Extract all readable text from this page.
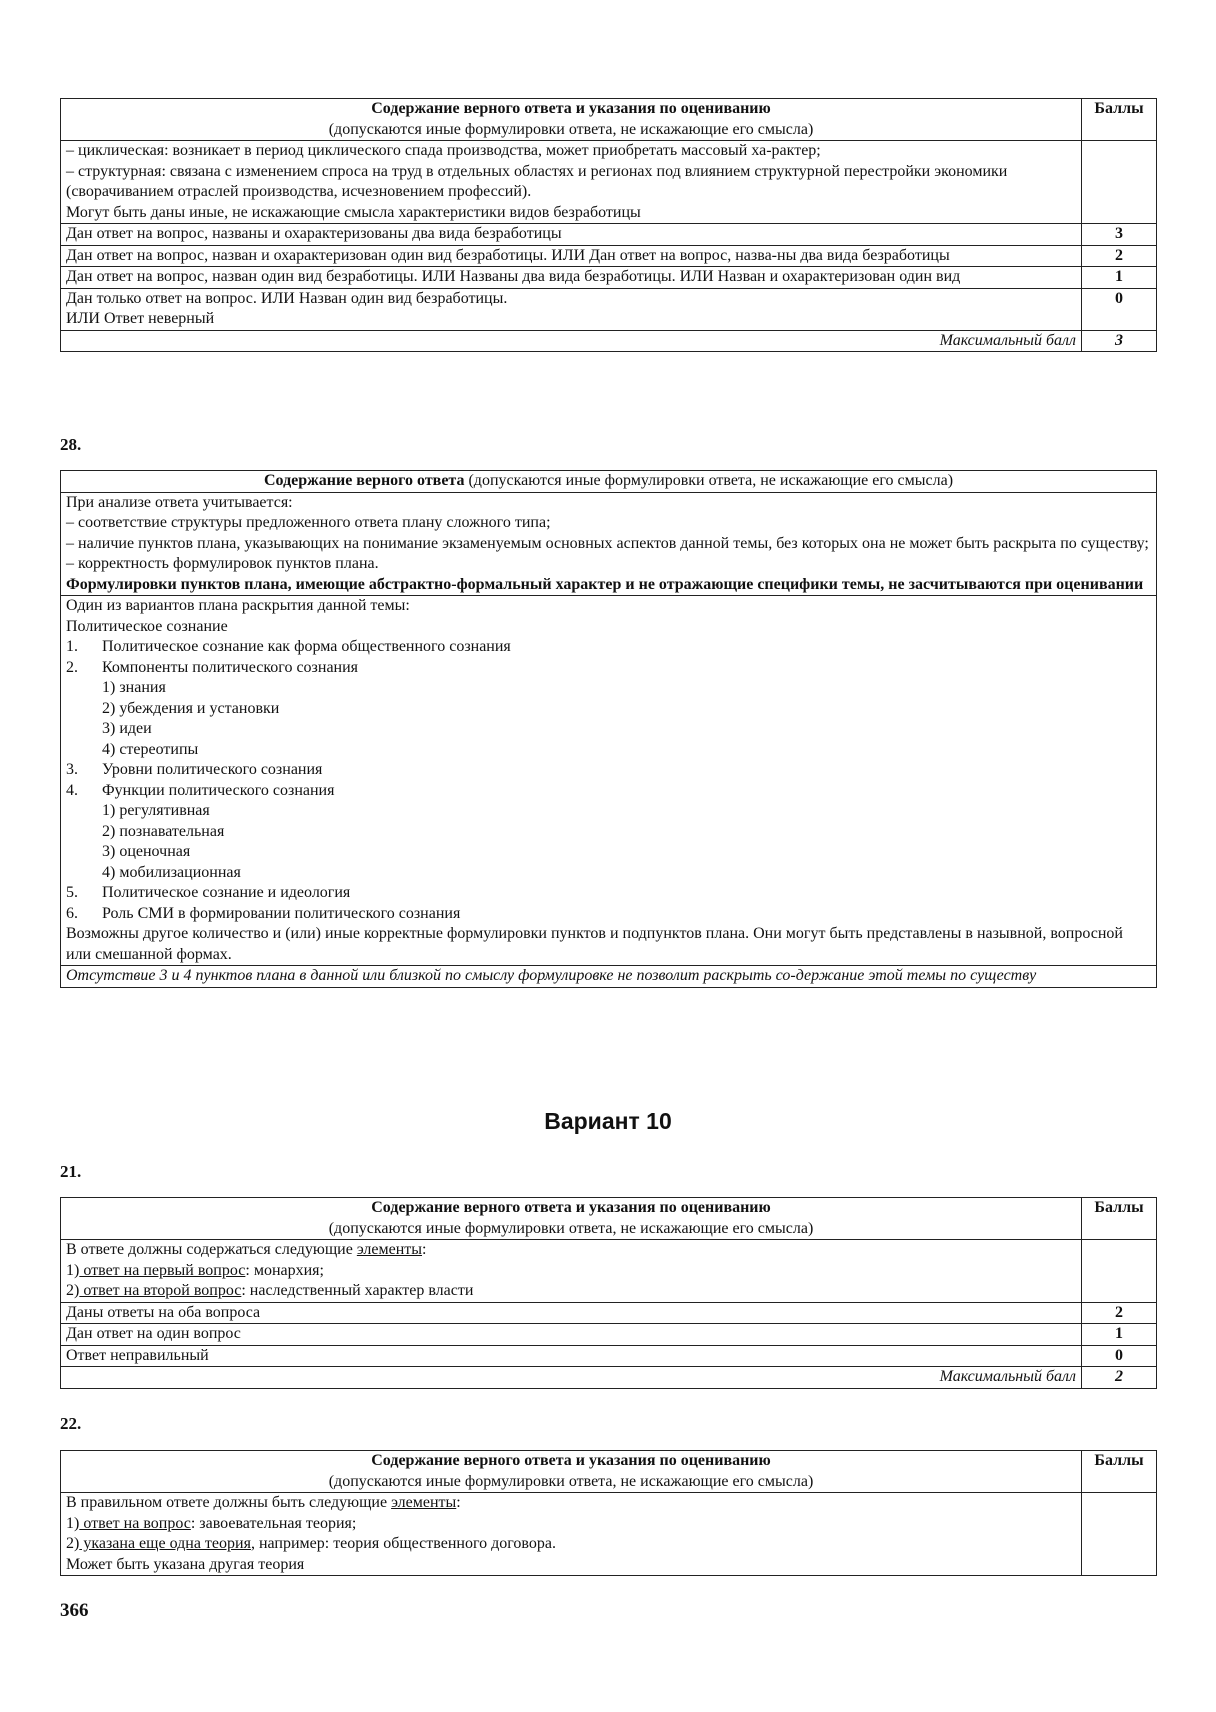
Содержание верного ответа и указания по оцениванию
(допускаются иные формулировки ответа, не искажающие его смысла)	Баллы

– циклическая: возникает в период циклического спада производства, может приобретать массовый ха-рактер;
– структурная: связана с изменением спроса на труд в отдельных областях и регионах под влиянием структурной перестройки экономики (сворачиванием отраслей производства, исчезновением профессий).
Могут быть даны иные, не искажающие смысла характеристики видов безработицы	

Дан ответ на вопрос, названы и охарактеризованы два вида безработицы	3
Дан ответ на вопрос, назван и охарактеризован один вид безработицы. ИЛИ Дан ответ на вопрос, назва-ны два вида безработицы	2
Дан ответ на вопрос, назван один вид безработицы. ИЛИ Названы два вида безработицы. ИЛИ Назван и охарактеризован один вид	1
Дан только ответ на вопрос. ИЛИ Назван один вид безработицы.
ИЛИ Ответ неверный	0
Максимальный балл	3
28.
Содержание верного ответа (допускаются иные формулировки ответа, не искажающие его смысла)

При анализе ответа учитывается:
– соответствие структуры предложенного ответа плану сложного типа;
– наличие пунктов плана, указывающих на понимание экзаменуемым основных аспектов данной темы, без которых она не может быть раскрыта по существу;
– корректность формулировок пунктов плана.
Формулировки пунктов плана, имеющие абстрактно-формальный характер и не отражающие специфики темы, не засчитываются при оценивании

Один из вариантов плана раскрытия данной темы:
Политическое сознание
1.	Политическое сознание как форма общественного сознания
2.	Компоненты политического сознания
1) знания
2) убеждения и установки
3) идеи
4) стереотипы
3.	Уровни политического сознания
4.	Функции политического сознания
1) регулятивная
2) познавательная
3) оценочная
4) мобилизационная
5.	Политическое сознание и идеология
6.	Роль СМИ в формировании политического сознания
Возможны другое количество и (или) иные корректные формулировки пунктов и подпунктов плана. Они могут быть представлены в назывной, вопросной или смешанной формах.

Отсутствие 3 и 4 пунктов плана в данной или близкой по смыслу формулировке не позволит раскрыть со-держание этой темы по существу
Вариант 10
21.
Содержание верного ответа и указания по оцениванию
(допускаются иные формулировки ответа, не искажающие его смысла)	Баллы

В ответе должны содержаться следующие элементы:
1) ответ на первый вопрос: монархия;
2) ответ на второй вопрос: наследственный характер власти	

Даны ответы на оба вопроса	2
Дан ответ на один вопрос	1
Ответ неправильный	0
Максимальный балл	2
22.
Содержание верного ответа и указания по оцениванию
(допускаются иные формулировки ответа, не искажающие его смысла)	Баллы

В правильном ответе должны быть следующие элементы:
1) ответ на вопрос: завоевательная теория;
2) указана еще одна теория, например: теория общественного договора.
Может быть указана другая теория	

366
